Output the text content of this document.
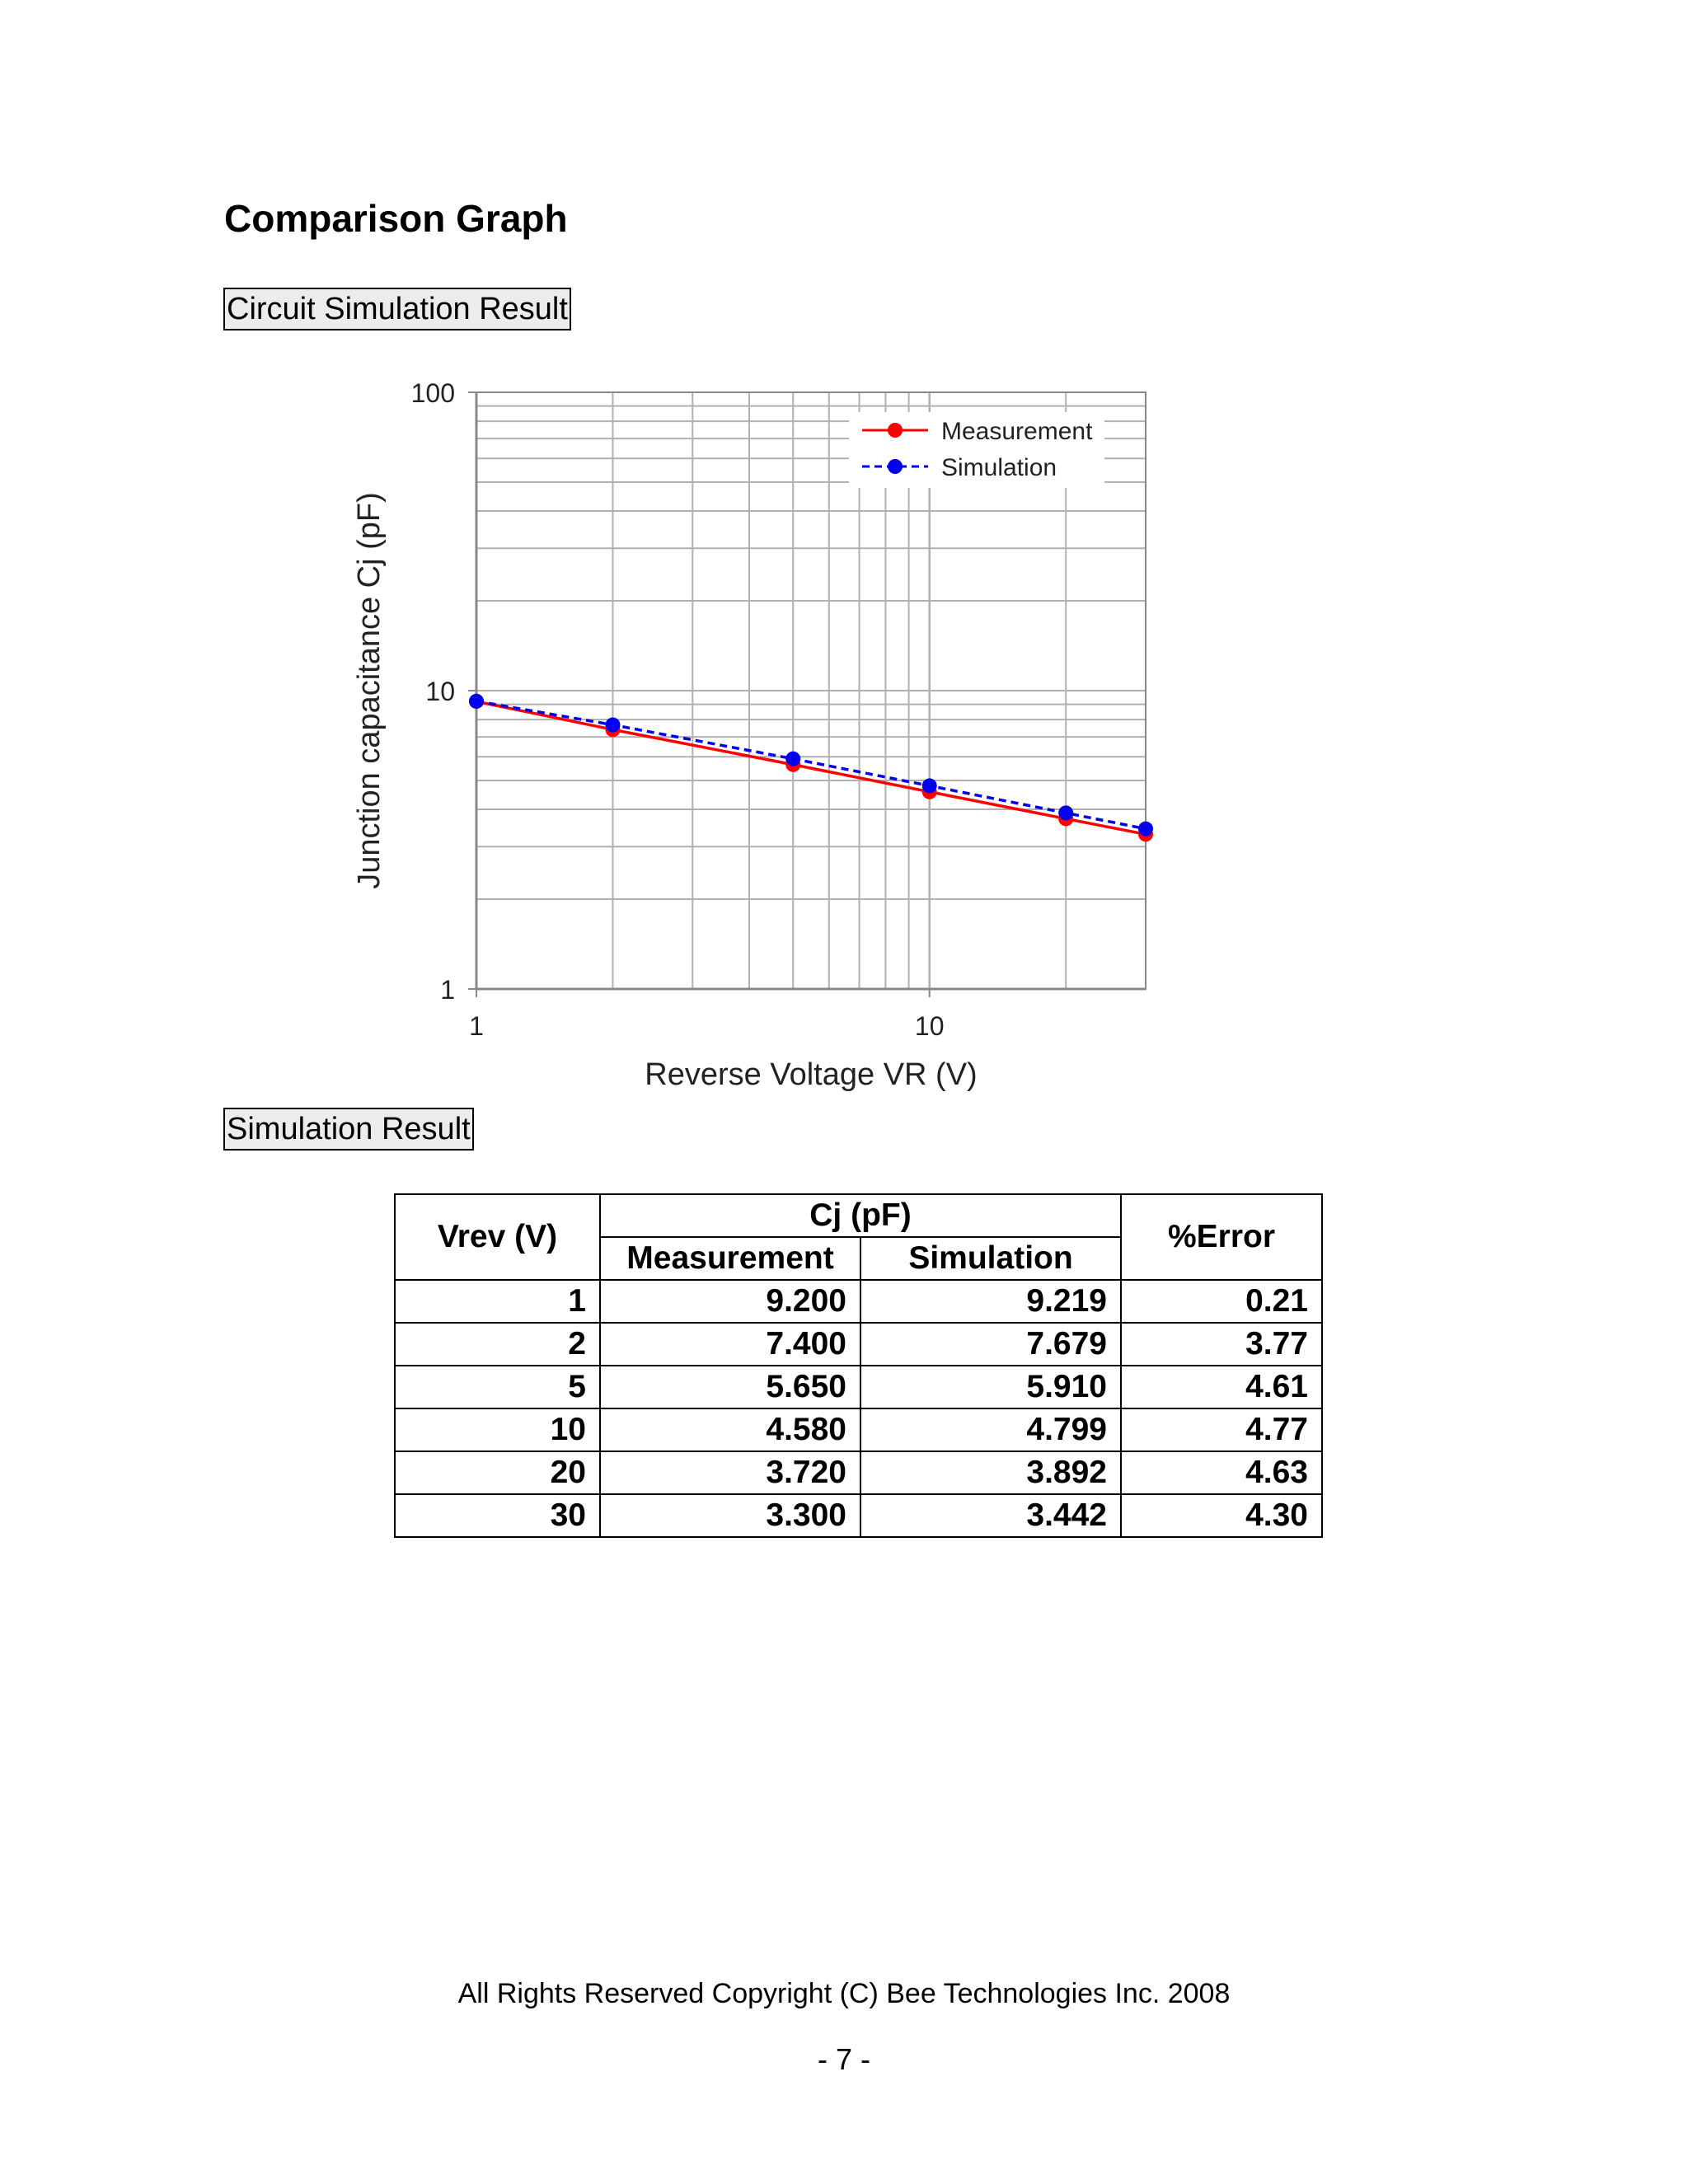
Comparison Graph
Circuit Simulation Result
1
10
100
1	10
Measurement
Simulation
Reverse Voltage VR (V)
Junction capacitance Cj (pF)
Simulation Result
Vrev (V)	Cj (pF)		%Error
	Measurement	Simulation	
1	9.200	9.219	0.21
2	7.400	7.679	3.77
5	5.650	5.910	4.61
10	4.580	4.799	4.77
20	3.720	3.892	4.63
30	3.300	3.442	4.30
All Rights Reserved Copyright (C) Bee Technologies Inc. 2008
- 7 -
